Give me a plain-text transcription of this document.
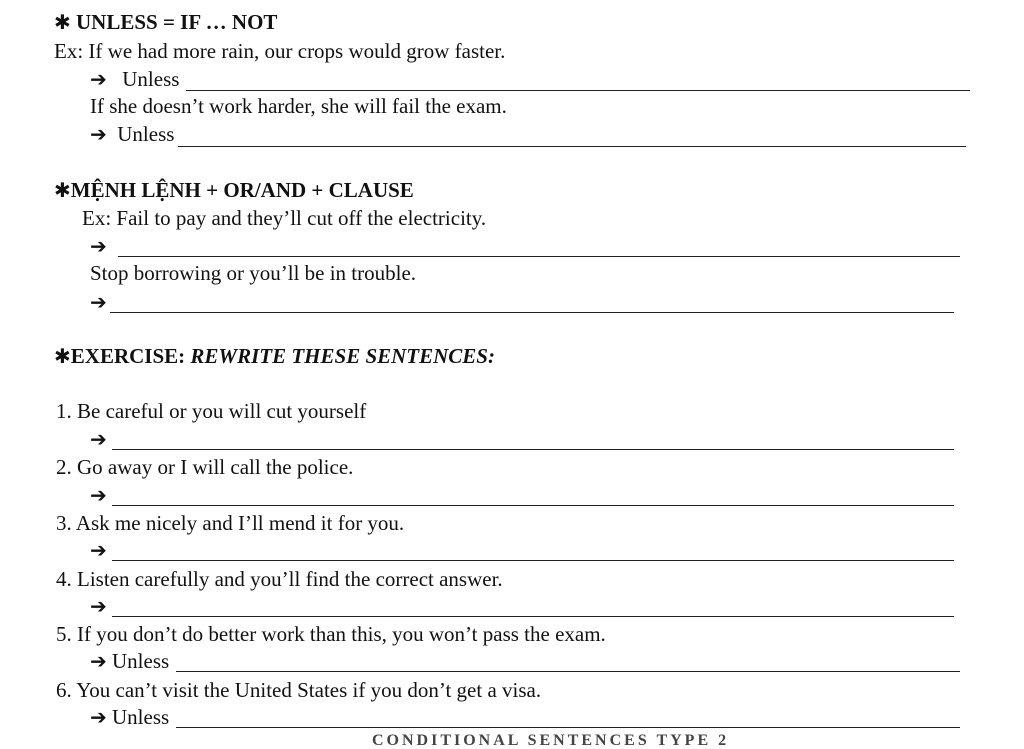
✱ UNLESS = IF … NOT
Ex: If we had more rain, our crops would grow faster.
➔ Unless
If she doesn’t work harder, she will fail the exam.
➔ Unless
✱MỆNH LỆNH + OR/AND + CLAUSE
Ex: Fail to pay and they’ll cut off the electricity.
➔
Stop borrowing or you’ll be in trouble.
➔
✱EXERCISE: REWRITE THESE SENTENCES:
1. Be careful or you will cut yourself
➔
2. Go away or I will call the police.
➔
3. Ask me nicely and I’ll mend it for you.
➔
4. Listen carefully and you’ll find the correct answer.
➔
5. If you don’t do better work than this, you won’t pass the exam.
➔ Unless
6. You can’t visit the United States if you don’t get a visa.
➔ Unless
CONDITIONAL SENTENCES TYPE 2
